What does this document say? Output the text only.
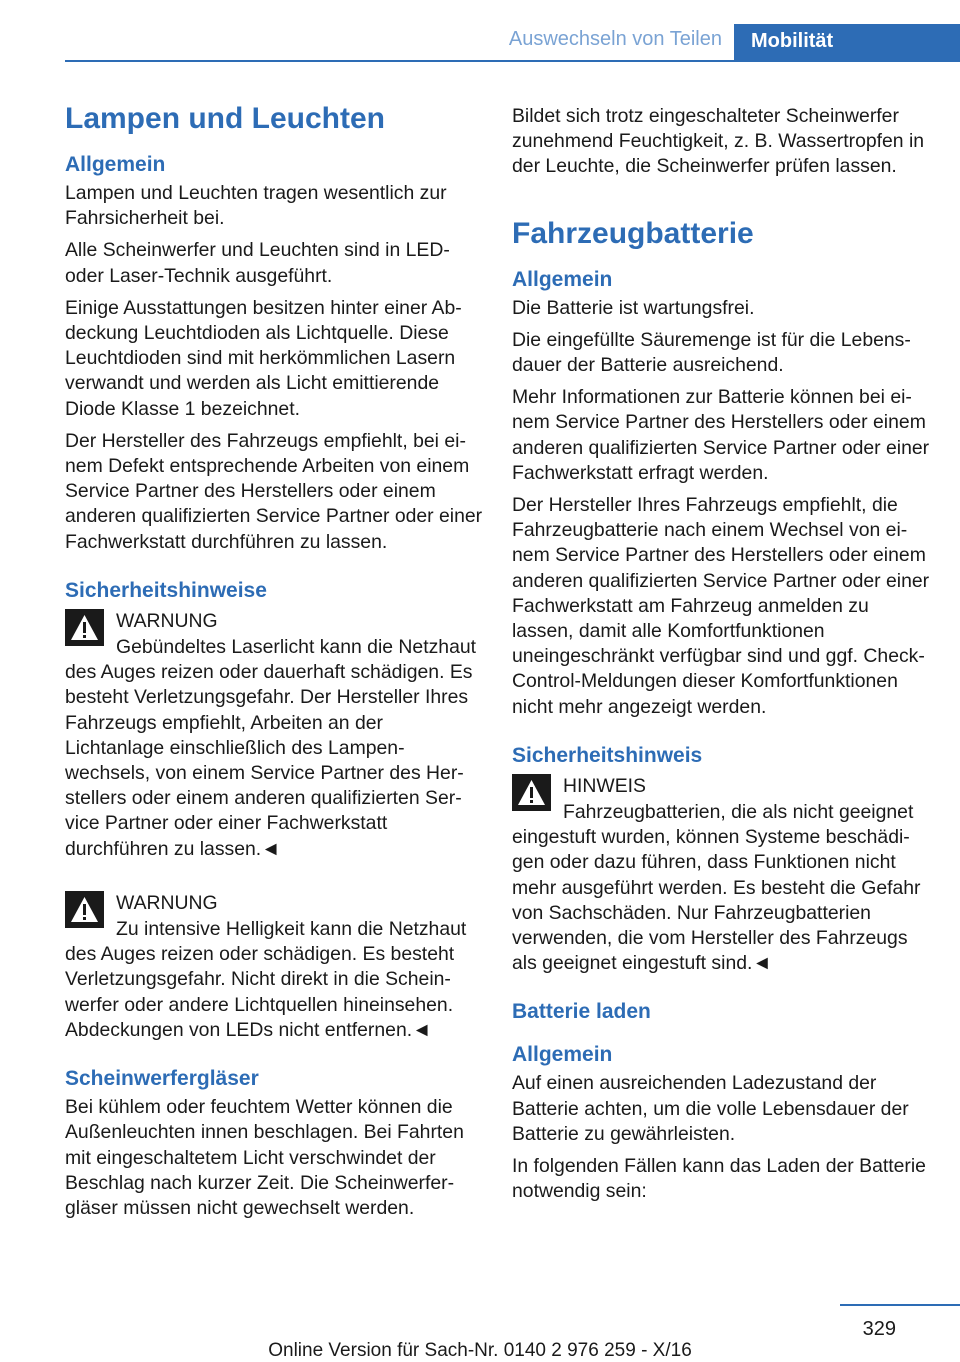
Auswechseln von Teilen	Mobilität
Lampen und Leuchten
Allgemein

Lampen und Leuchten tragen wesentlich zur Fahrsicherheit bei.

Alle Scheinwerfer und Leuchten sind in LED- oder Laser-Technik ausgeführt.

Einige Ausstattungen besitzen hinter einer Abdeckung Leuchtdioden als Lichtquelle. Diese Leuchtdioden sind mit herkömmlichen Lasern verwandt und werden als Licht emittierende Diode Klasse 1 bezeichnet.

Der Hersteller des Fahrzeugs empfiehlt, bei einem Defekt entsprechende Arbeiten von einem Service Partner des Herstellers oder einem anderen qualifizierten Service Partner oder einer Fachwerkstatt durchführen zu lassen.

Sicherheitshinweise

WARNUNG

Gebündeltes Laserlicht kann die Netzhaut des Auges reizen oder dauerhaft schädigen. Es besteht Verletzungsgefahr. Der Hersteller Ihres Fahrzeugs empfiehlt, Arbeiten an der Lichtanlage einschließlich des Lampenwechsels, von einem Service Partner des Herstellers oder einem anderen qualifizierten Service Partner oder einer Fachwerkstatt durchführen zu lassen.◄

WARNUNG

Zu intensive Helligkeit kann die Netzhaut des Auges reizen oder schädigen. Es besteht Verletzungsgefahr. Nicht direkt in die Scheinwerfer oder andere Lichtquellen hineinsehen. Abdeckungen von LEDs nicht entfernen.◄

Scheinwerfergläser

Bei kühlem oder feuchtem Wetter können die Außenleuchten innen beschlagen. Bei Fahrten mit eingeschaltetem Licht verschwindet der Beschlag nach kurzer Zeit. Die Scheinwerfergläser müssen nicht gewechselt werden.

Bildet sich trotz eingeschalteter Scheinwerfer zunehmend Feuchtigkeit, z. B. Wassertropfen in der Leuchte, die Scheinwerfer prüfen lassen.

Fahrzeugbatterie
Allgemein

Die Batterie ist wartungsfrei.

Die eingefüllte Säuremenge ist für die Lebensdauer der Batterie ausreichend.

Mehr Informationen zur Batterie können bei einem Service Partner des Herstellers oder einem anderen qualifizierten Service Partner oder einer Fachwerkstatt erfragt werden.

Der Hersteller Ihres Fahrzeugs empfiehlt, die Fahrzeugbatterie nach einem Wechsel von einem Service Partner des Herstellers oder einem anderen qualifizierten Service Partner oder einer Fachwerkstatt am Fahrzeug anmelden zu lassen, damit alle Komfortfunktionen uneingeschränkt verfügbar sind und ggf. Check-Control-Meldungen dieser Komfortfunktionen nicht mehr angezeigt werden.

Sicherheitshinweis

HINWEIS

Fahrzeugbatterien, die als nicht geeignet eingestuft wurden, können Systeme beschädigen oder dazu führen, dass Funktionen nicht mehr ausgeführt werden. Es besteht die Gefahr von Sachschäden. Nur Fahrzeugbatterien verwenden, die vom Hersteller des Fahrzeugs als geeignet eingestuft sind.◄

Batterie laden
Allgemein

Auf einen ausreichenden Ladezustand der Batterie achten, um die volle Lebensdauer der Batterie zu gewährleisten.

In folgenden Fällen kann das Laden der Batterie notwendig sein:

329
Online Version für Sach-Nr. 0140 2 976 259 - X/16
